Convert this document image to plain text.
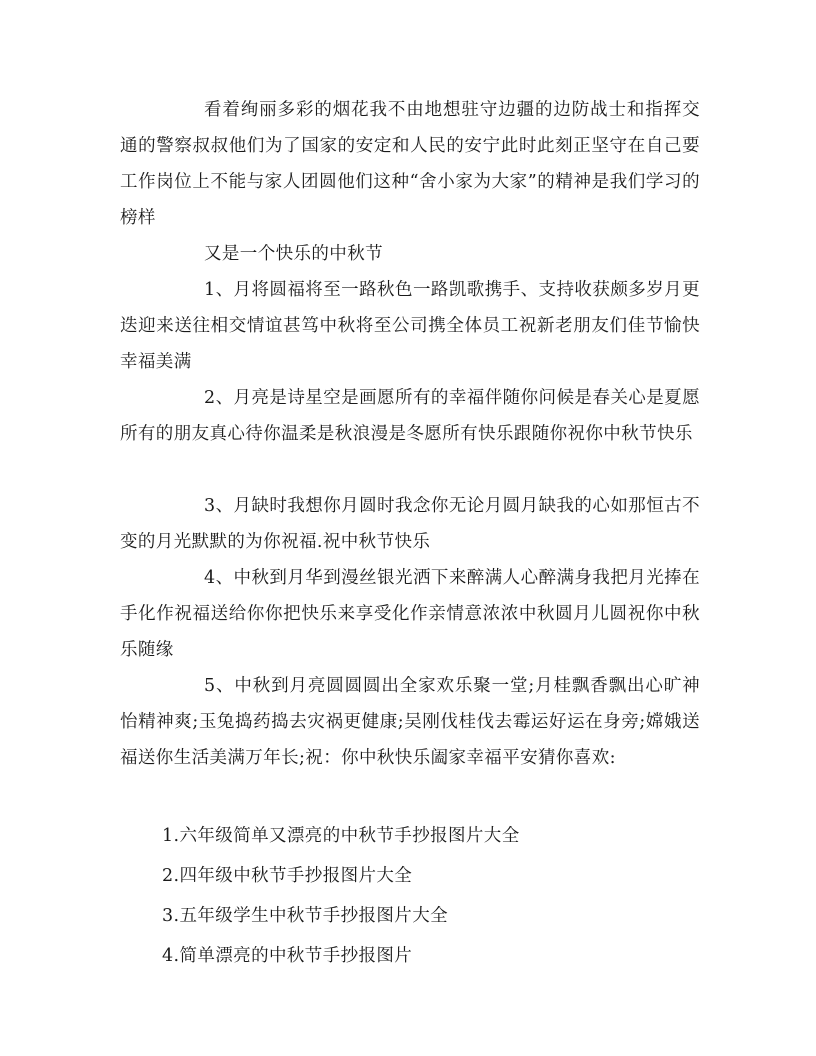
看着绚丽多彩的烟花我不由地想驻守边疆的边防战士和指挥交通的警察叔叔他们为了国家的安定和人民的安宁此时此刻正坚守在自己要工作岗位上不能与家人团圆他们这种“舍小家为大家”的精神是我们学习的榜样

又是一个快乐的中秋节

1、月将圆福将至一路秋色一路凯歌携手、支持收获颇多岁月更迭迎来送往相交情谊甚笃中秋将至公司携全体员工祝新老朋友们佳节愉快幸福美满

2、月亮是诗星空是画愿所有的幸福伴随你问候是春关心是夏愿所有的朋友真心待你温柔是秋浪漫是冬愿所有快乐跟随你祝你中秋节快乐

3、月缺时我想你月圆时我念你无论月圆月缺我的心如那恒古不变的月光默默的为你祝福.祝中秋节快乐

4、中秋到月华到漫丝银光洒下来醉满人心醉满身我把月光捧在手化作祝福送给你你把快乐来享受化作亲情意浓浓中秋圆月儿圆祝你中秋乐随缘

5、中秋到月亮圆圆圆出全家欢乐聚一堂;月桂飘香飘出心旷神怡精神爽;玉兔捣药捣去灾祸更健康;吴刚伐桂伐去霉运好运在身旁;嫦娥送福送你生活美满万年长;祝：你中秋快乐阖家幸福平安猜你喜欢:

1.六年级简单又漂亮的中秋节手抄报图片大全
2.四年级中秋节手抄报图片大全
3.五年级学生中秋节手抄报图片大全
4.简单漂亮的中秋节手抄报图片
